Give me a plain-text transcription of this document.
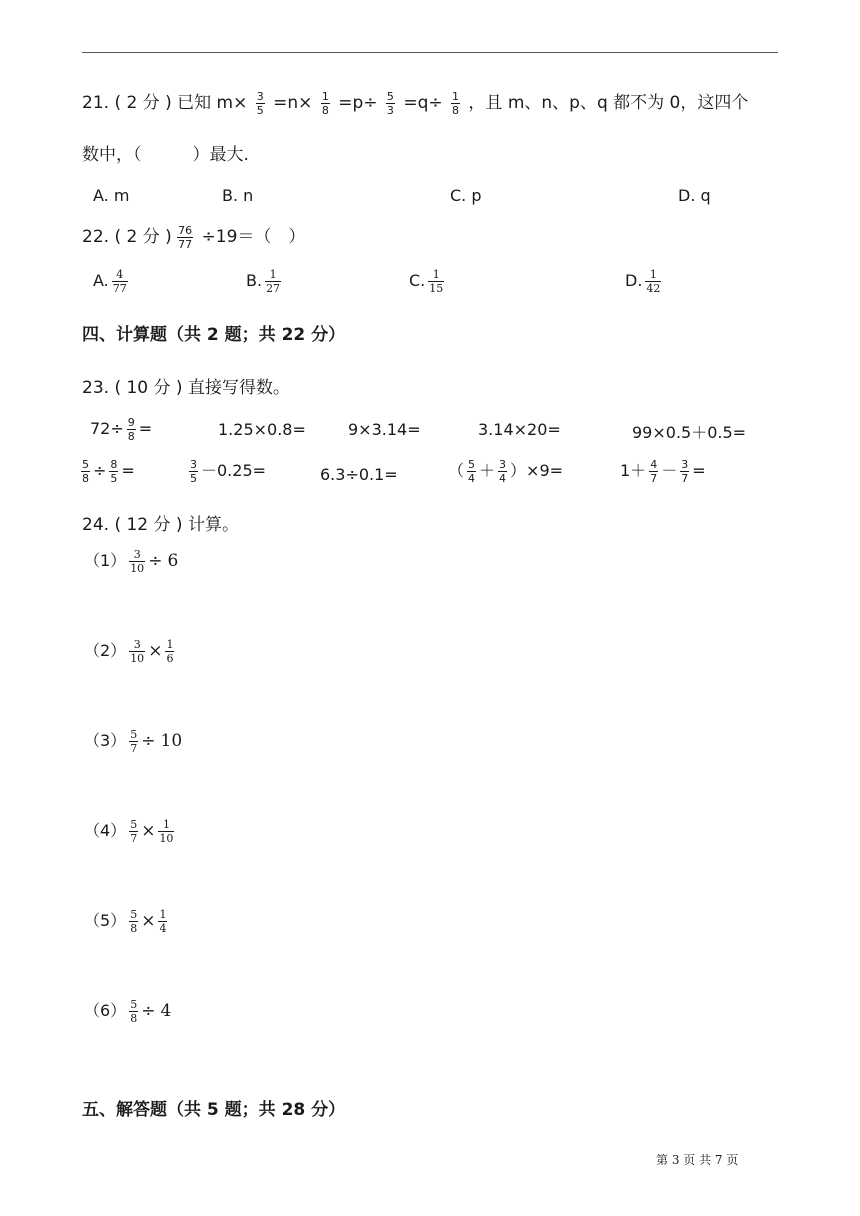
21. ( 2 分 ) 已知 $m\times \frac{3}{5} =n\times \frac{1}{8} =p\div \frac{5}{3} =q\div \frac{1}{8}$ ，且 m、n、p、q 都不为 0，这四个
数中，（　　　）最大.
A. m	B. n	C. p	D. q
22. ( 2 分 ) $\frac{76}{77} \div 19=$（　）
A. $\frac{4}{77}$	B. $\frac{1}{27}$	C. $\frac{1}{15}$	D. $\frac{1}{42}$
四、计算题（共 2 题；共 22 分）
23. ( 10 分 ) 直接写得数。
$72\div \frac{9}{8}$ =	1.25×0.8=	9×3.14=	3.14×20=	99×0.5＋0.5=
$\frac{5}{8} \div \frac{8}{5}$ =	$\frac{3}{5} -0.25=$	6.3÷0.1=	（ $\frac{5}{4} + \frac{3}{4} )\times 9=$	$1+ \frac{4}{7} - \frac{3}{7}$ =
24. ( 12 分 ) 计算。
$(1) \frac{3}{10} \div 6$
$(2) \frac{3}{10} \times \frac{1}{6}$
$(3) \frac{5}{7} \div 10$
$(4) \frac{5}{7} \times \frac{1}{10}$
$(5) \frac{5}{8} \times \frac{1}{4}$
$(6) \frac{5}{8} \div 4$
五、解答题（共 5 题；共 28 分）
第 3 页 共 7 页
